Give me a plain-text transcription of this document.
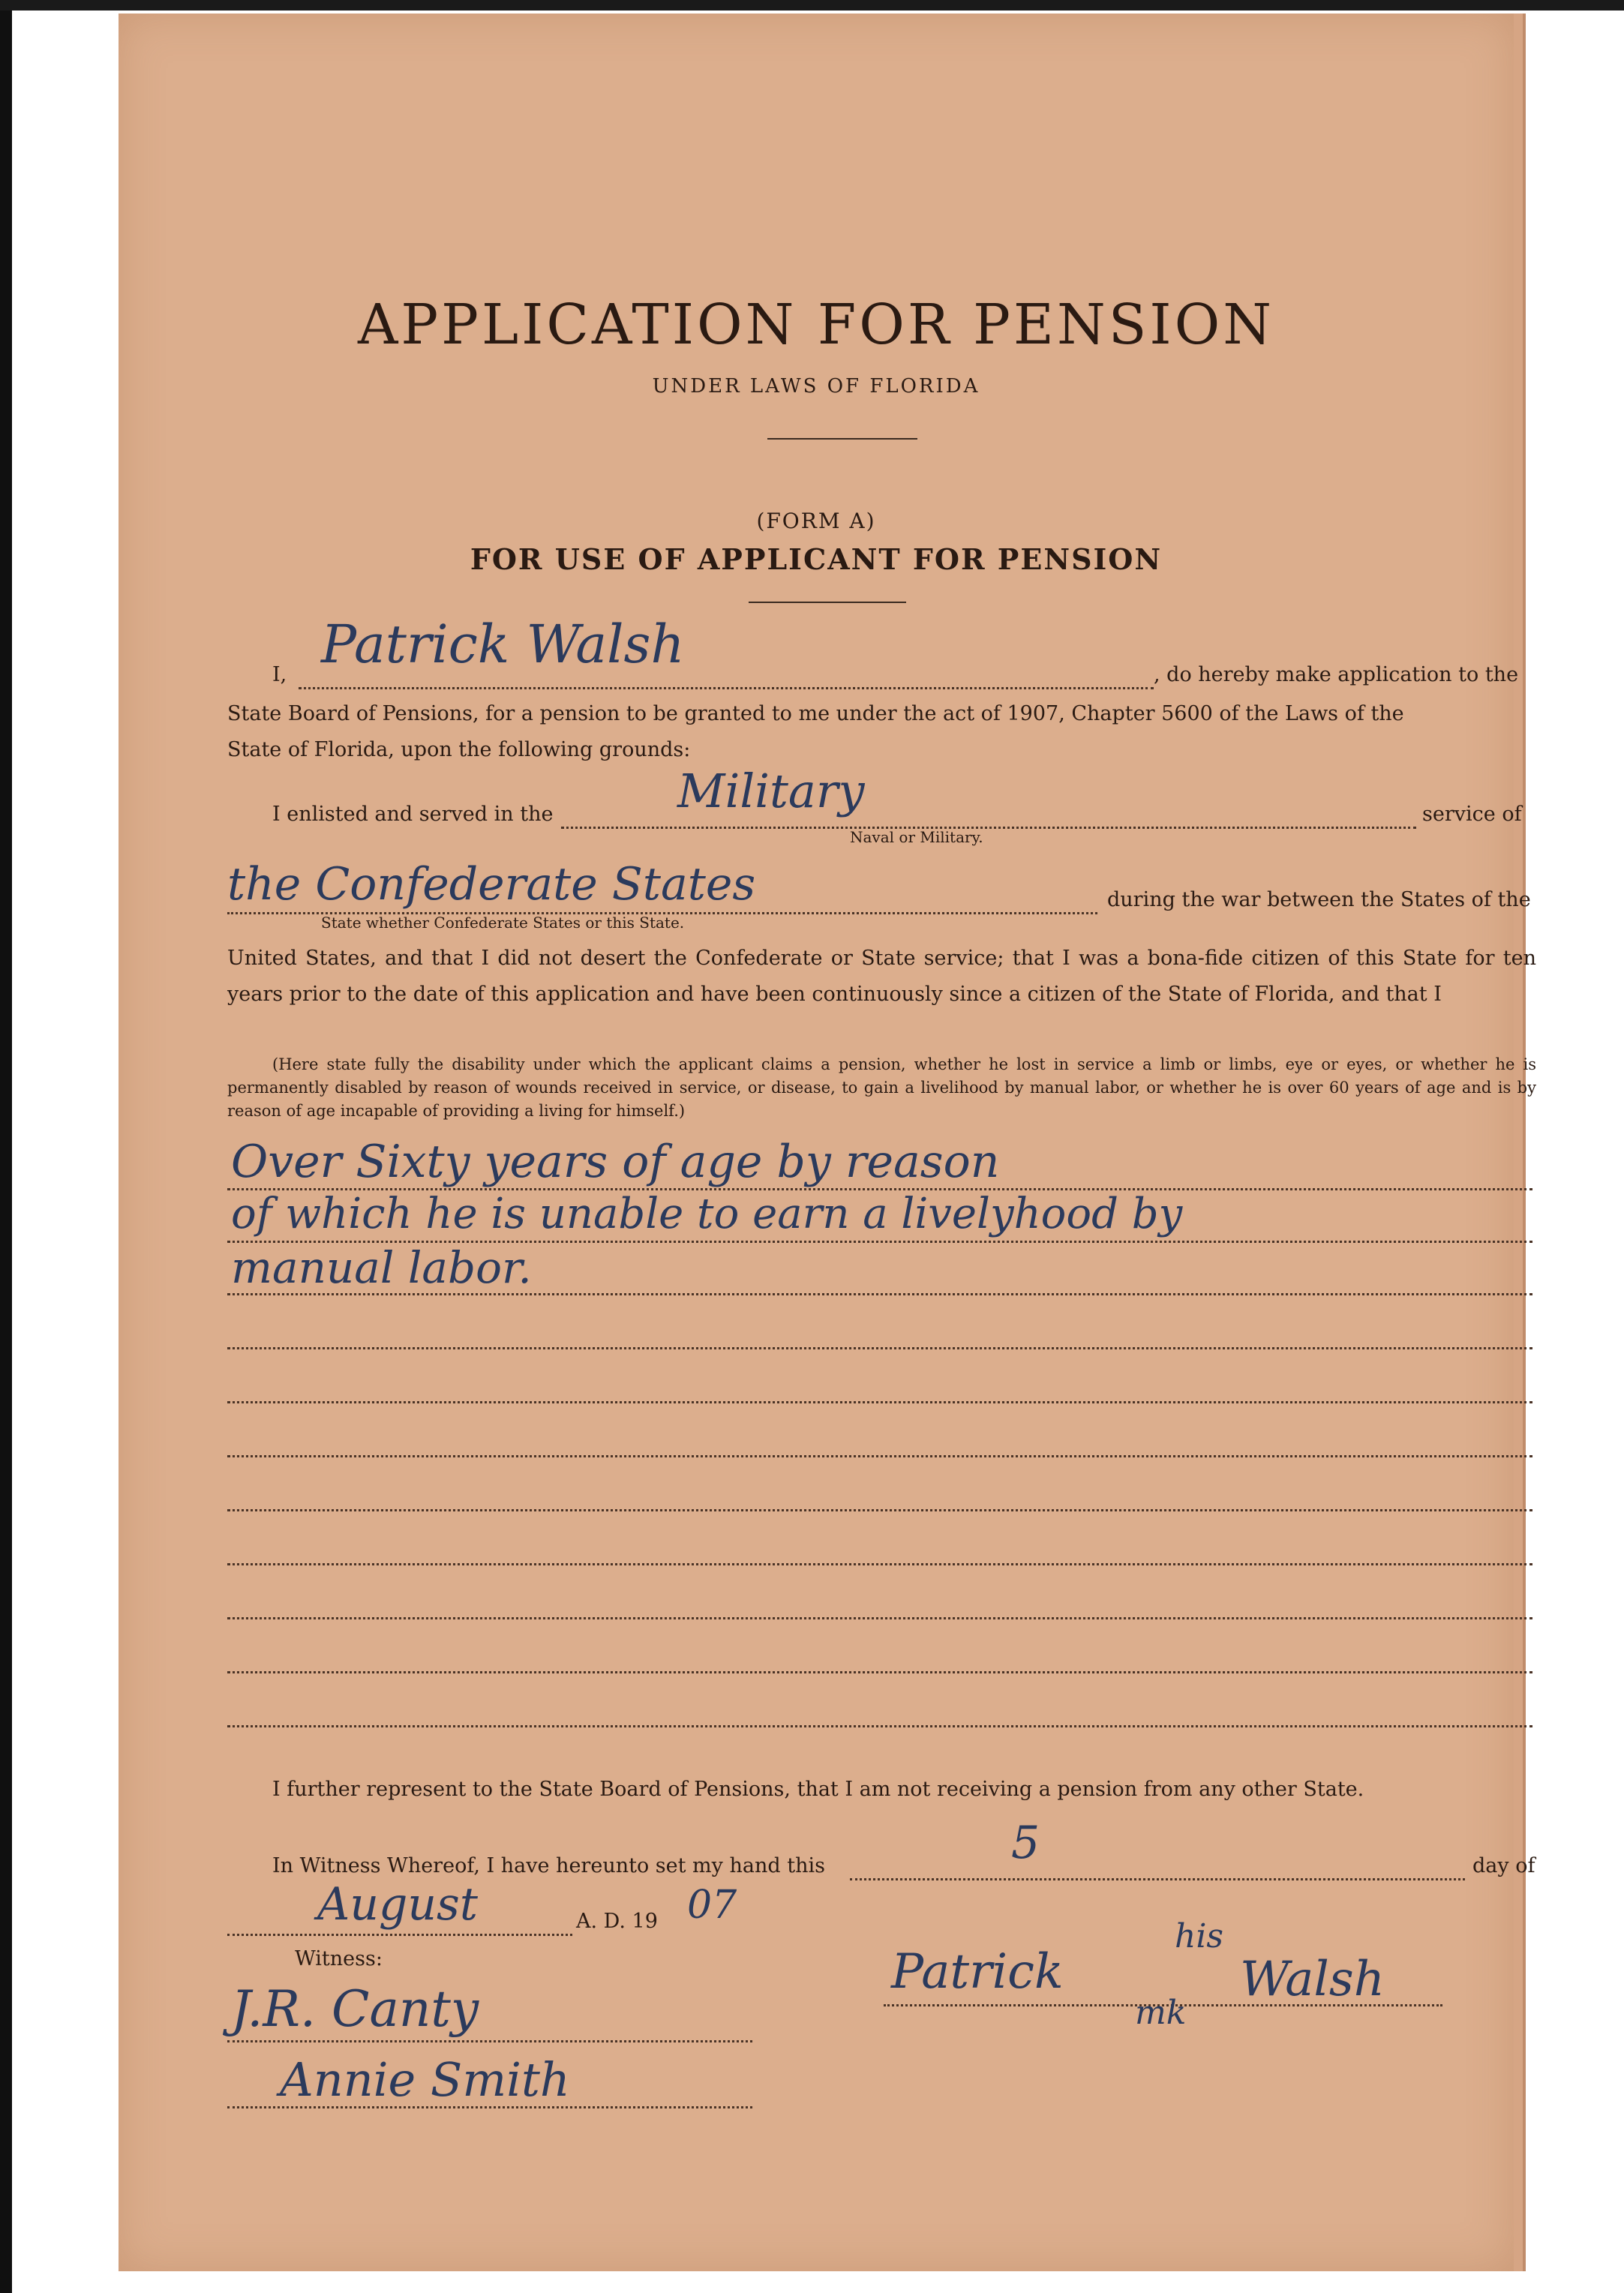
APPLICATION FOR PENSION
UNDER LAWS OF FLORIDA
(FORM A)
FOR USE OF APPLICANT FOR PENSION
I, Patrick Walsh	, do hereby make application to the
State Board of Pensions, for a pension to be granted to me under the act of 1907, Chapter 5600 of the Laws of the
State of Florida, upon the following grounds:
I enlisted and served in the	Military	service of
Naval or Military.
the Confederate States	during the war between the States of the
State whether Confederate States or this State.
United States, and that I did not desert the Confederate or State service; that I was a bona-fide citizen of this State for ten years prior to the date of this application and have been continuously since a citizen of the State of Florida, and that I
(Here state fully the disability under which the applicant claims a pension, whether he lost in service a limb or limbs, eye or eyes, or whether he is permanently disabled by reason of wounds received in service, or disease, to gain a livelihood by manual labor, or whether he is over 60 years of age and is by reason of age incapable of providing a living for himself.)
Over Sixty years of age by reason
of which he is unable to earn a livelyhood by
manual labor.
I further represent to the State Board of Pensions, that I am not receiving a pension from any other State.
In Witness Whereof, I have hereunto set my hand this	5	day of
August	A. D. 19 07
Witness:
J.R. Canty
Annie Smith
Patrick	Walsh
his
mk
